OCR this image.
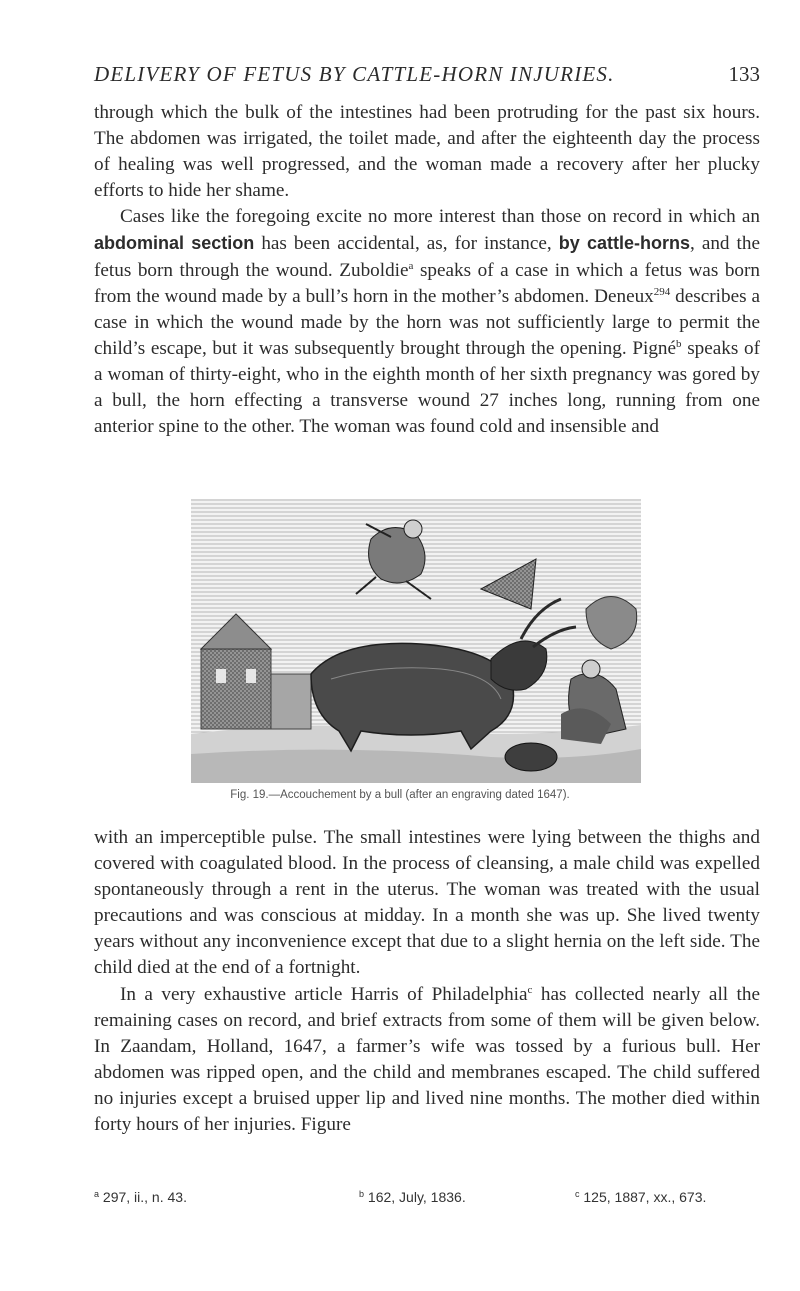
DELIVERY OF FETUS BY CATTLE-HORN INJURIES.	133

through which the bulk of the intestines had been protruding for the past six hours. The abdomen was irrigated, the toilet made, and after the eighteenth day the process of healing was well progressed, and the woman made a recovery after her plucky efforts to hide her shame.

Cases like the foregoing excite no more interest than those on record in which an abdominal section has been accidental, as, for instance, by cattle-horns, and the fetus born through the wound. Zuboldie$^a$ speaks of a case in which a fetus was born from the wound made by a bull’s horn in the mother’s abdomen. Deneux$^{294}$ describes a case in which the wound made by the horn was not sufficiently large to permit the child’s escape, but it was subsequently brought through the opening. Pigné$^b$ speaks of a woman of thirty-eight, who in the eighth month of her sixth pregnancy was gored by a bull, the horn effecting a transverse wound 27 inches long, running from one anterior spine to the other. The woman was found cold and insensible and

Fig. 19.—Accouchement by a bull (after an engraving dated 1647).

with an imperceptible pulse. The small intestines were lying between the thighs and covered with coagulated blood. In the process of cleansing, a male child was expelled spontaneously through a rent in the uterus. The woman was treated with the usual precautions and was conscious at midday. In a month she was up. She lived twenty years without any inconvenience except that due to a slight hernia on the left side. The child died at the end of a fortnight.

In a very exhaustive article Harris of Philadelphia$^c$ has collected nearly all the remaining cases on record, and brief extracts from some of them will be given below. In Zaandam, Holland, 1647, a farmer’s wife was tossed by a furious bull. Her abdomen was ripped open, and the child and membranes escaped. The child suffered no injuries except a bruised upper lip and lived nine months. The mother died within forty hours of her injuries. Figure

$^a$ 297, ii., n. 43.	$^b$ 162, July, 1836.	$^c$ 125, 1887, xx., 673.
